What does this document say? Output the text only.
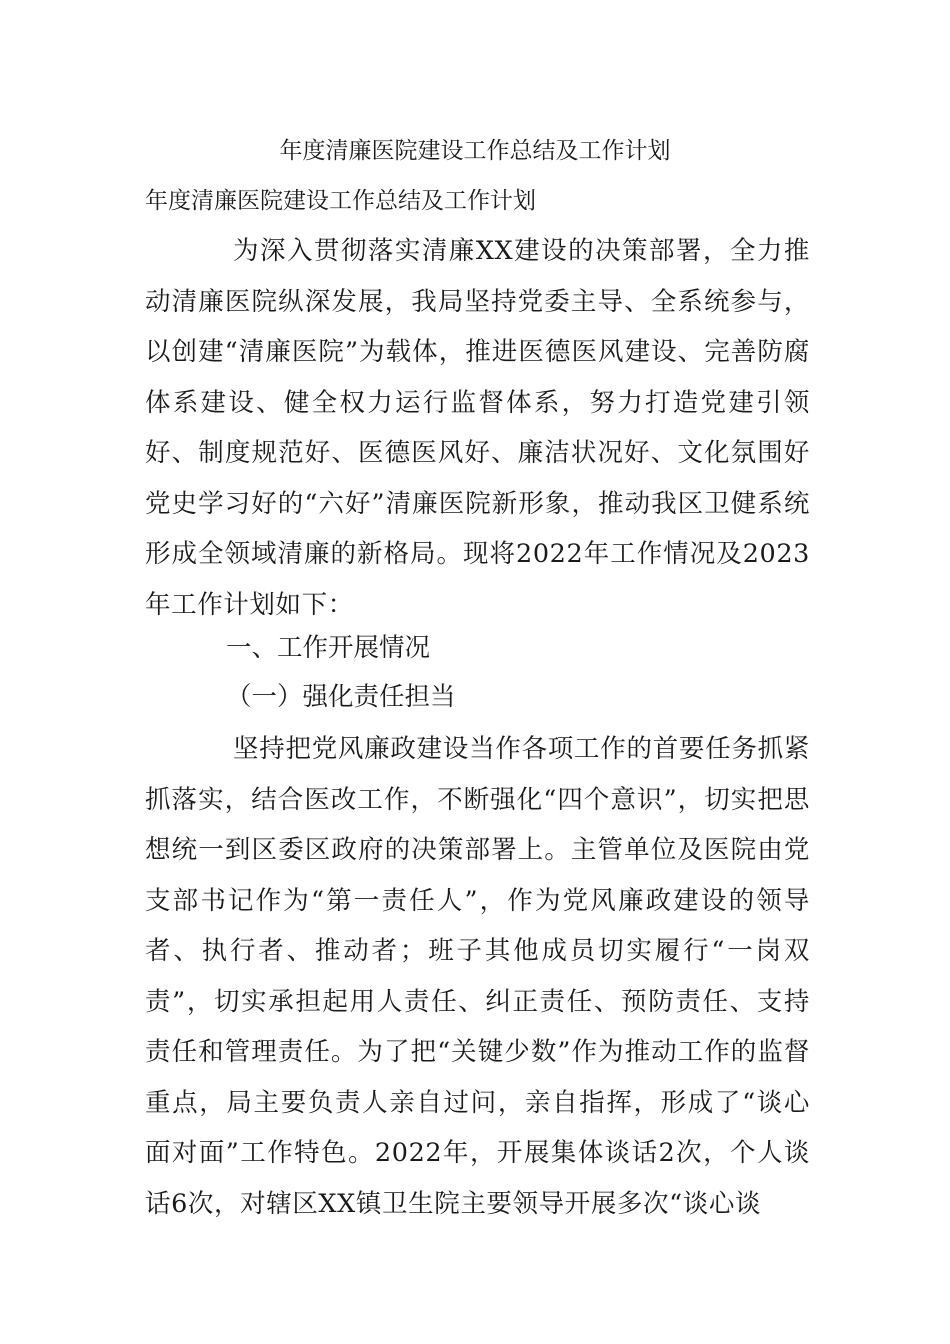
年度清廉医院建设工作总结及工作计划
年度清廉医院建设工作总结及工作计划

为深入贯彻落实清廉XX建设的决策部署，全力推动清廉医院纵深发展，我局坚持党委主导、全系统参与，以创建“清廉医院”为载体，推进医德医风建设、完善防腐体系建设、健全权力运行监督体系，努力打造党建引领好、制度规范好、医德医风好、廉洁状况好、文化氛围好党史学习好的“六好”清廉医院新形象，推动我区卫健系统形成全领域清廉的新格局。现将2022年工作情况及2023年工作计划如下：

一、工作开展情况
（一）强化责任担当

坚持把党风廉政建设当作各项工作的首要任务抓紧抓落实，结合医改工作，不断强化“四个意识”，切实把思想统一到区委区政府的决策部署上。主管单位及医院由党支部书记作为“第一责任人”，作为党风廉政建设的领导者、执行者、推动者；班子其他成员切实履行“一岗双责”，切实承担起用人责任、纠正责任、预防责任、支持责任和管理责任。为了把“关键少数”作为推动工作的监督重点，局主要负责人亲自过问，亲自指挥，形成了“谈心面对面”工作特色。2022年，开展集体谈话2次，个人谈话6次，对辖区XX镇卫生院主要领导开展多次“谈心谈
